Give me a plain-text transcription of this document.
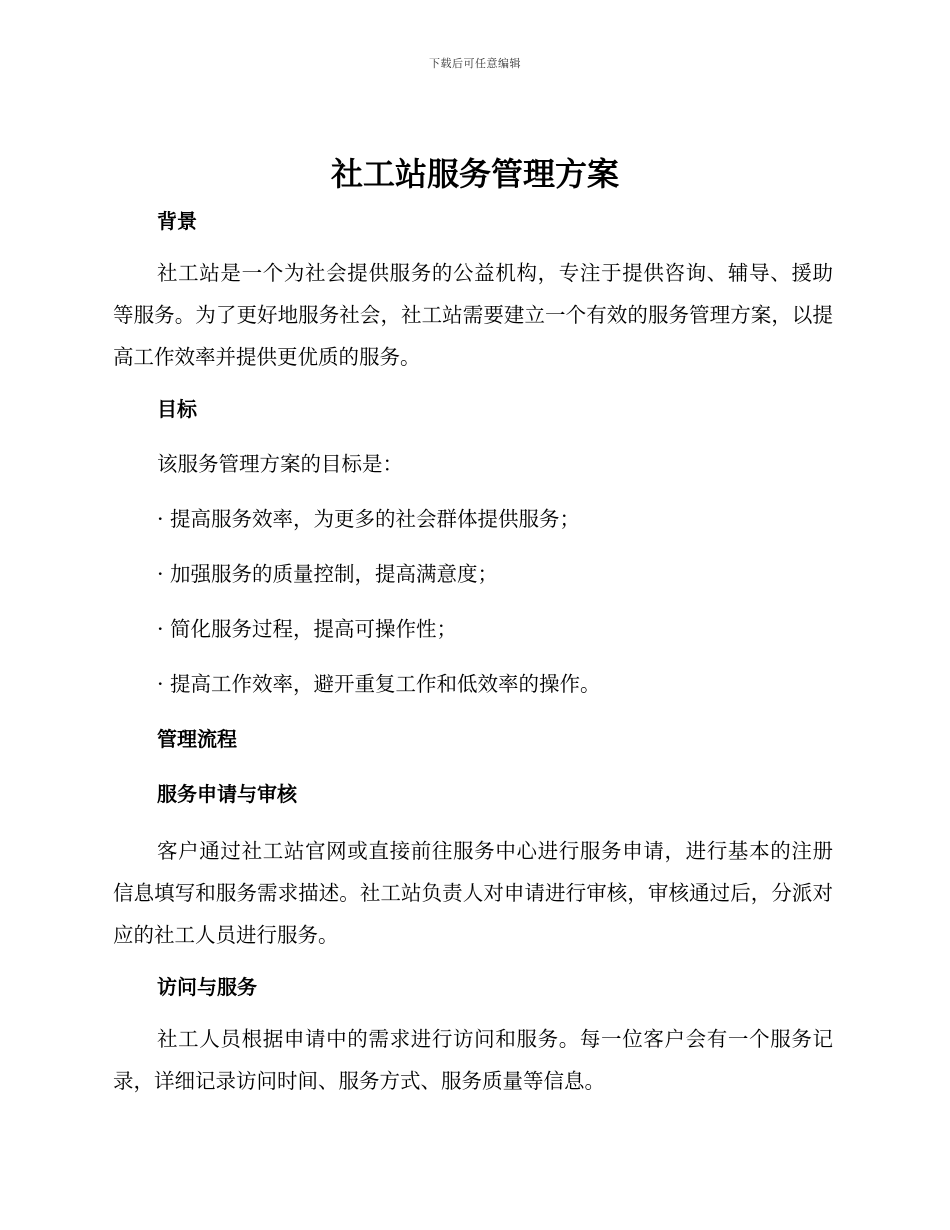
下载后可任意编辑
社工站服务管理方案
背景

社工站是一个为社会提供服务的公益机构，专注于提供咨询、辅导、援助等服务。为了更好地服务社会，社工站需要建立一个有效的服务管理方案，以提高工作效率并提供更优质的服务。

目标

该服务管理方案的目标是：

· 提高服务效率，为更多的社会群体提供服务；

· 加强服务的质量控制，提高满意度；

· 简化服务过程，提高可操作性；

· 提高工作效率，避开重复工作和低效率的操作。

管理流程
服务申请与审核

客户通过社工站官网或直接前往服务中心进行服务申请，进行基本的注册信息填写和服务需求描述。社工站负责人对申请进行审核，审核通过后，分派对应的社工人员进行服务。

访问与服务

社工人员根据申请中的需求进行访问和服务。每一位客户会有一个服务记录，详细记录访问时间、服务方式、服务质量等信息。
